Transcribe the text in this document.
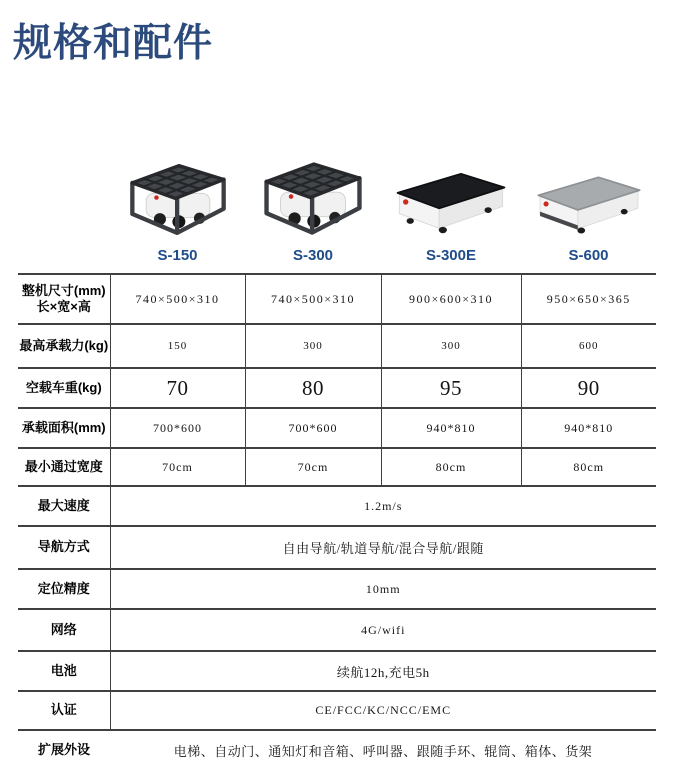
规格和配件
S-150	S-300	S-300E	S-600
整机尺寸(mm)
长×宽×高	740×500×310	740×500×310	900×600×310	950×650×365
最高承载力(kg)	150	300	300	600
空载车重(kg)	70	80	95	90
承载面积(mm)	700*600	700*600	940*810	940*810
最小通过宽度	70cm	70cm	80cm	80cm
最大速度	1.2m/s			
导航方式	自由导航/轨道导航/混合导航/跟随			
定位精度	10mm			
网络	4G/wifi			
电池	续航12h,充电5h			
认证	CE/FCC/KC/NCC/EMC			
扩展外设	电梯、自动门、通知灯和音箱、呼叫器、跟随手环、辊筒、箱体、货架			
